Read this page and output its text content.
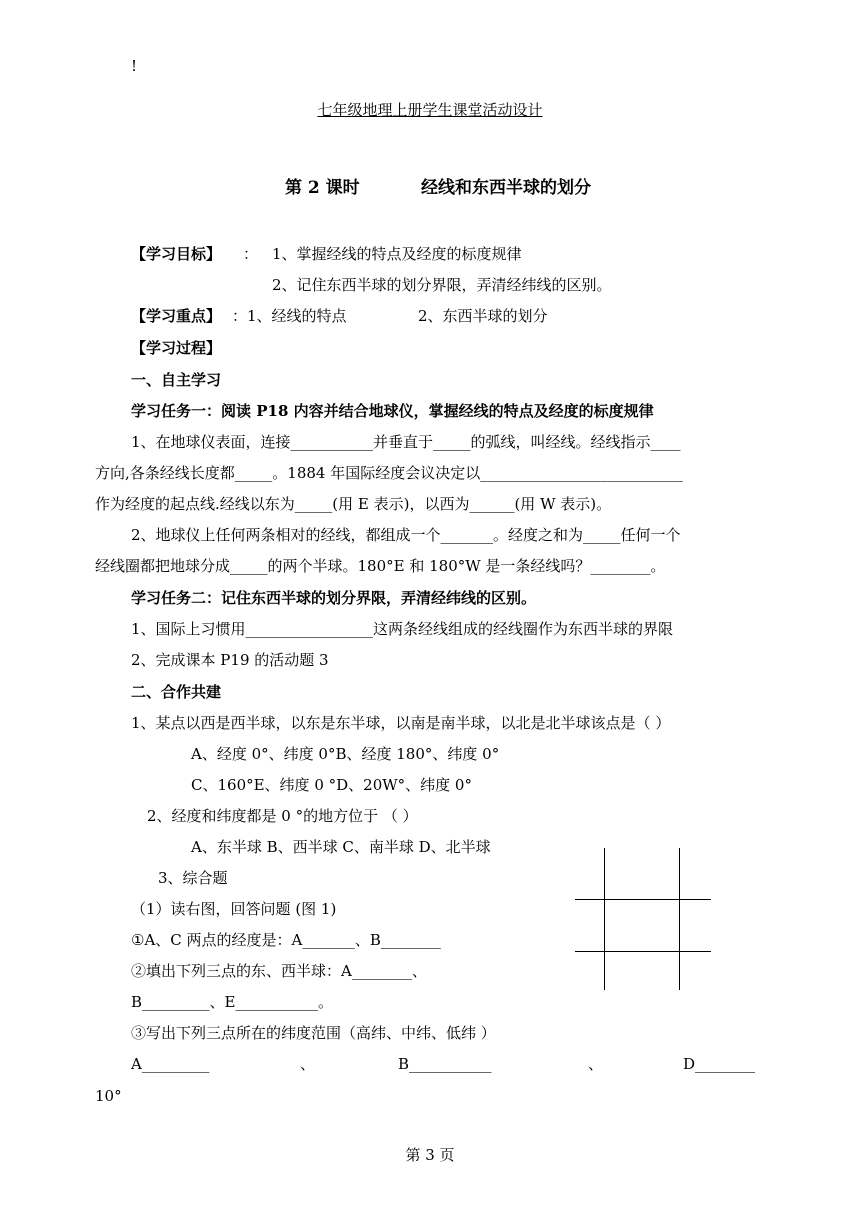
!
七年级地理上册学生课堂活动设计
第 2 课时	经线和东西半球的划分
【学习目标】 ： 1、掌握经线的特点及经度的标度规律
2、记住东西半球的划分界限，弄清经纬线的区别。
【学习重点】 ：1、经线的特点	2、东西半球的划分
【学习过程】
一、自主学习
学习任务一：阅读 P18 内容并结合地球仪，掌握经线的特点及经度的标度规律
1、在地球仪表面，连接___________并垂直于_____的弧线，叫经线。经线指示____
方向,各条经线长度都_____。1884 年国际经度会议决定以___________________________
作为经度的起点线.经线以东为_____(用 E 表示)，以西为______(用 W 表示)。
2、地球仪上任何两条相对的经线，都组成一个_______。经度之和为_____任何一个
经线圈都把地球分成_____的两个半球。180°E 和 180°W 是一条经线吗？________。
学习任务二：记住东西半球的划分界限，弄清经纬线的区别。
1、国际上习惯用_________________这两条经线组成的经线圈作为东西半球的界限
2、完成课本 P19 的活动题 3
二、合作共建
1、某点以西是西半球，以东是东半球，以南是南半球，以北是北半球该点是（ ）
A、经度 0°、纬度 0°B、经度 180°、纬度 0°
C、160°E、纬度 0 °D、20W°、纬度 0°
2、经度和纬度都是 0 °的地方位于 （ ）
A、东半球 B、西半球 C、南半球 D、北半球
3、综合题
（1）读右图，回答问题 (图 1)
①A、C 两点的经度是：A_______、B________
②填出下列三点的东、西半球：A________、
B_________、E___________。
③写出下列三点所在的纬度范围（高纬、中纬、低纬 ）
A_________	、	B___________	、	D________
10°
第 3 页
